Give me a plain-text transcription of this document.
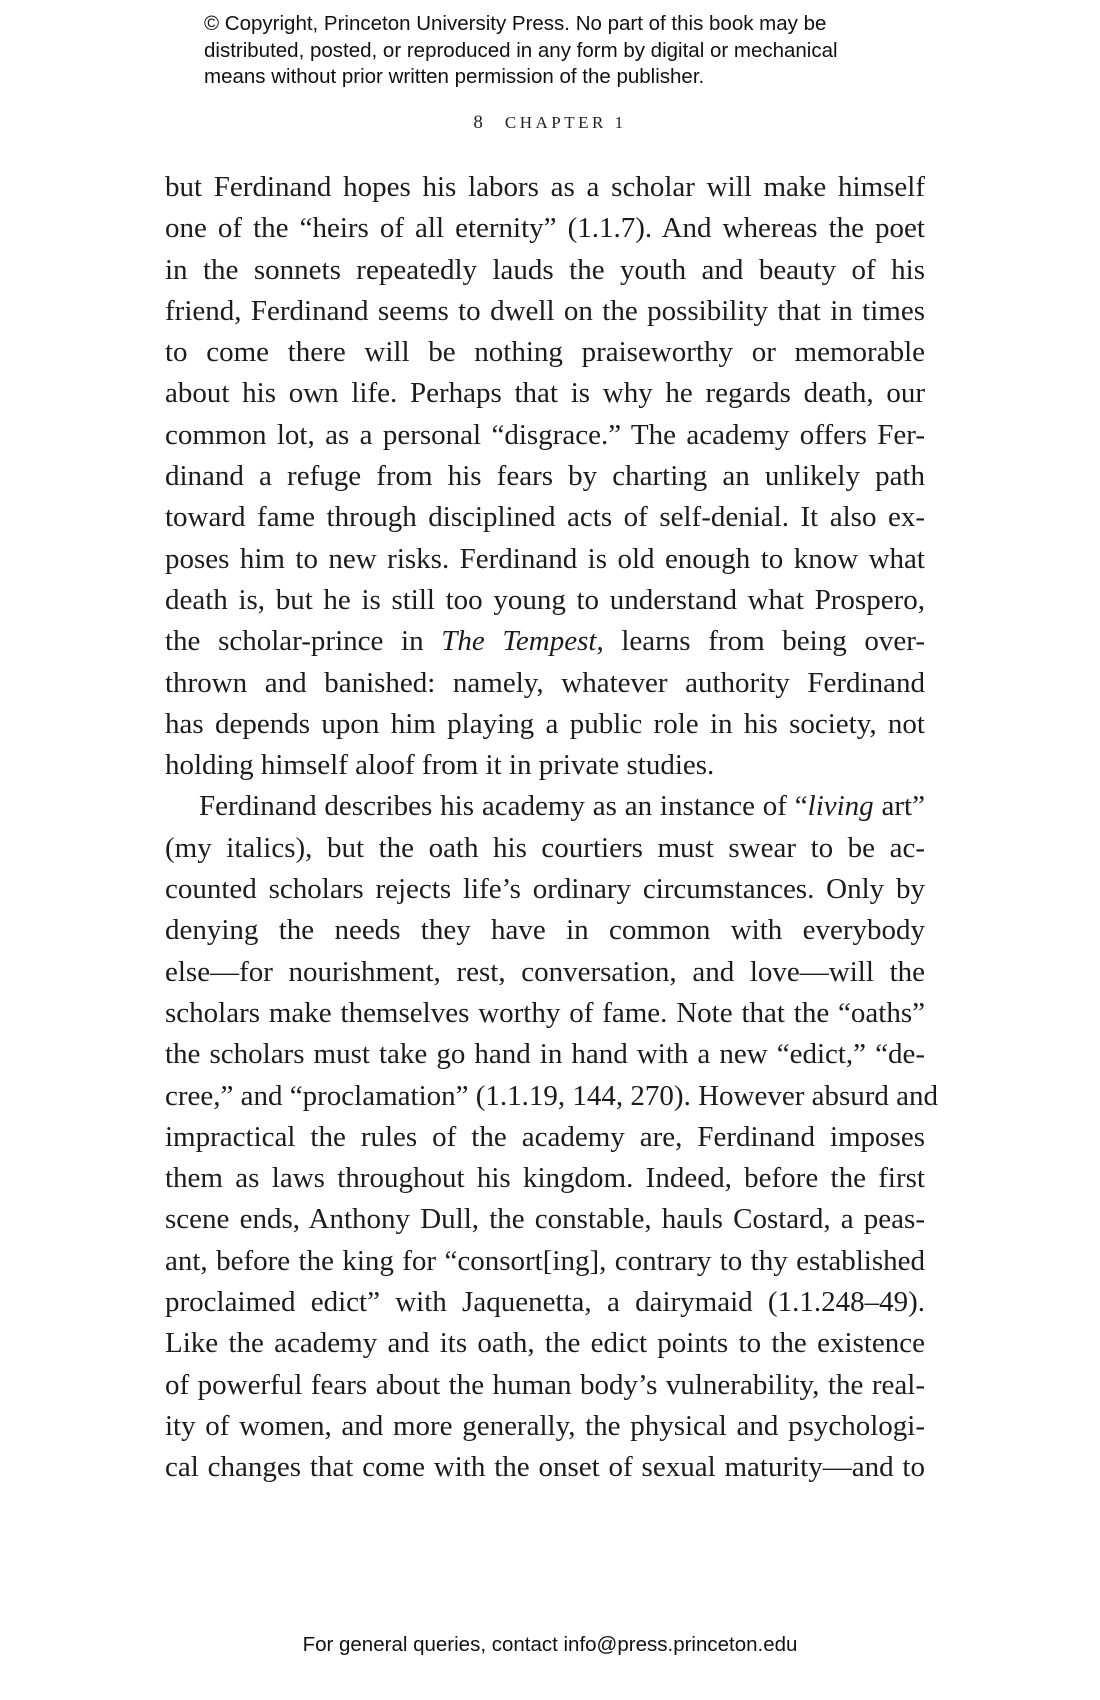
© Copyright, Princeton University Press. No part of this book may be
distributed, posted, or reproduced in any form by digital or mechanical
means without prior written permission of the publisher.
8 CHAPTER 1
but Ferdinand hopes his labors as a scholar will make himself
one of the “heirs of all eternity” (1.1.7). And whereas the poet
in the sonnets repeatedly lauds the youth and beauty of his
friend, Ferdinand seems to dwell on the possibility that in times
to come there will be nothing praiseworthy or memorable
about his own life. Perhaps that is why he regards death, our
common lot, as a personal “disgrace.” The academy offers Fer-
dinand a refuge from his fears by charting an unlikely path
toward fame through disciplined acts of self-denial. It also ex-
poses him to new risks. Ferdinand is old enough to know what
death is, but he is still too young to understand what Prospero,
the scholar-prince in The Tempest, learns from being over-
thrown and banished: namely, whatever authority Ferdinand
has depends upon him playing a public role in his society, not
holding himself aloof from it in private studies.
Ferdinand describes his academy as an instance of “living art”
(my italics), but the oath his courtiers must swear to be ac-
counted scholars rejects life’s ordinary circumstances. Only by
denying the needs they have in common with everybody
else—for nourishment, rest, conversation, and love—will the
scholars make themselves worthy of fame. Note that the “oaths”
the scholars must take go hand in hand with a new “edict,” “de-
cree,” and “proclamation” (1.1.19, 144, 270). However absurd and
impractical the rules of the academy are, Ferdinand imposes
them as laws throughout his kingdom. Indeed, before the first
scene ends, Anthony Dull, the constable, hauls Costard, a peas-
ant, before the king for “consort[ing], contrary to thy established
proclaimed edict” with Jaquenetta, a dairymaid (1.1.248–49).
Like the academy and its oath, the edict points to the existence
of powerful fears about the human body’s vulnerability, the real-
ity of women, and more generally, the physical and psychologi-
cal changes that come with the onset of sexual maturity—and to
For general queries, contact info@press.princeton.edu
